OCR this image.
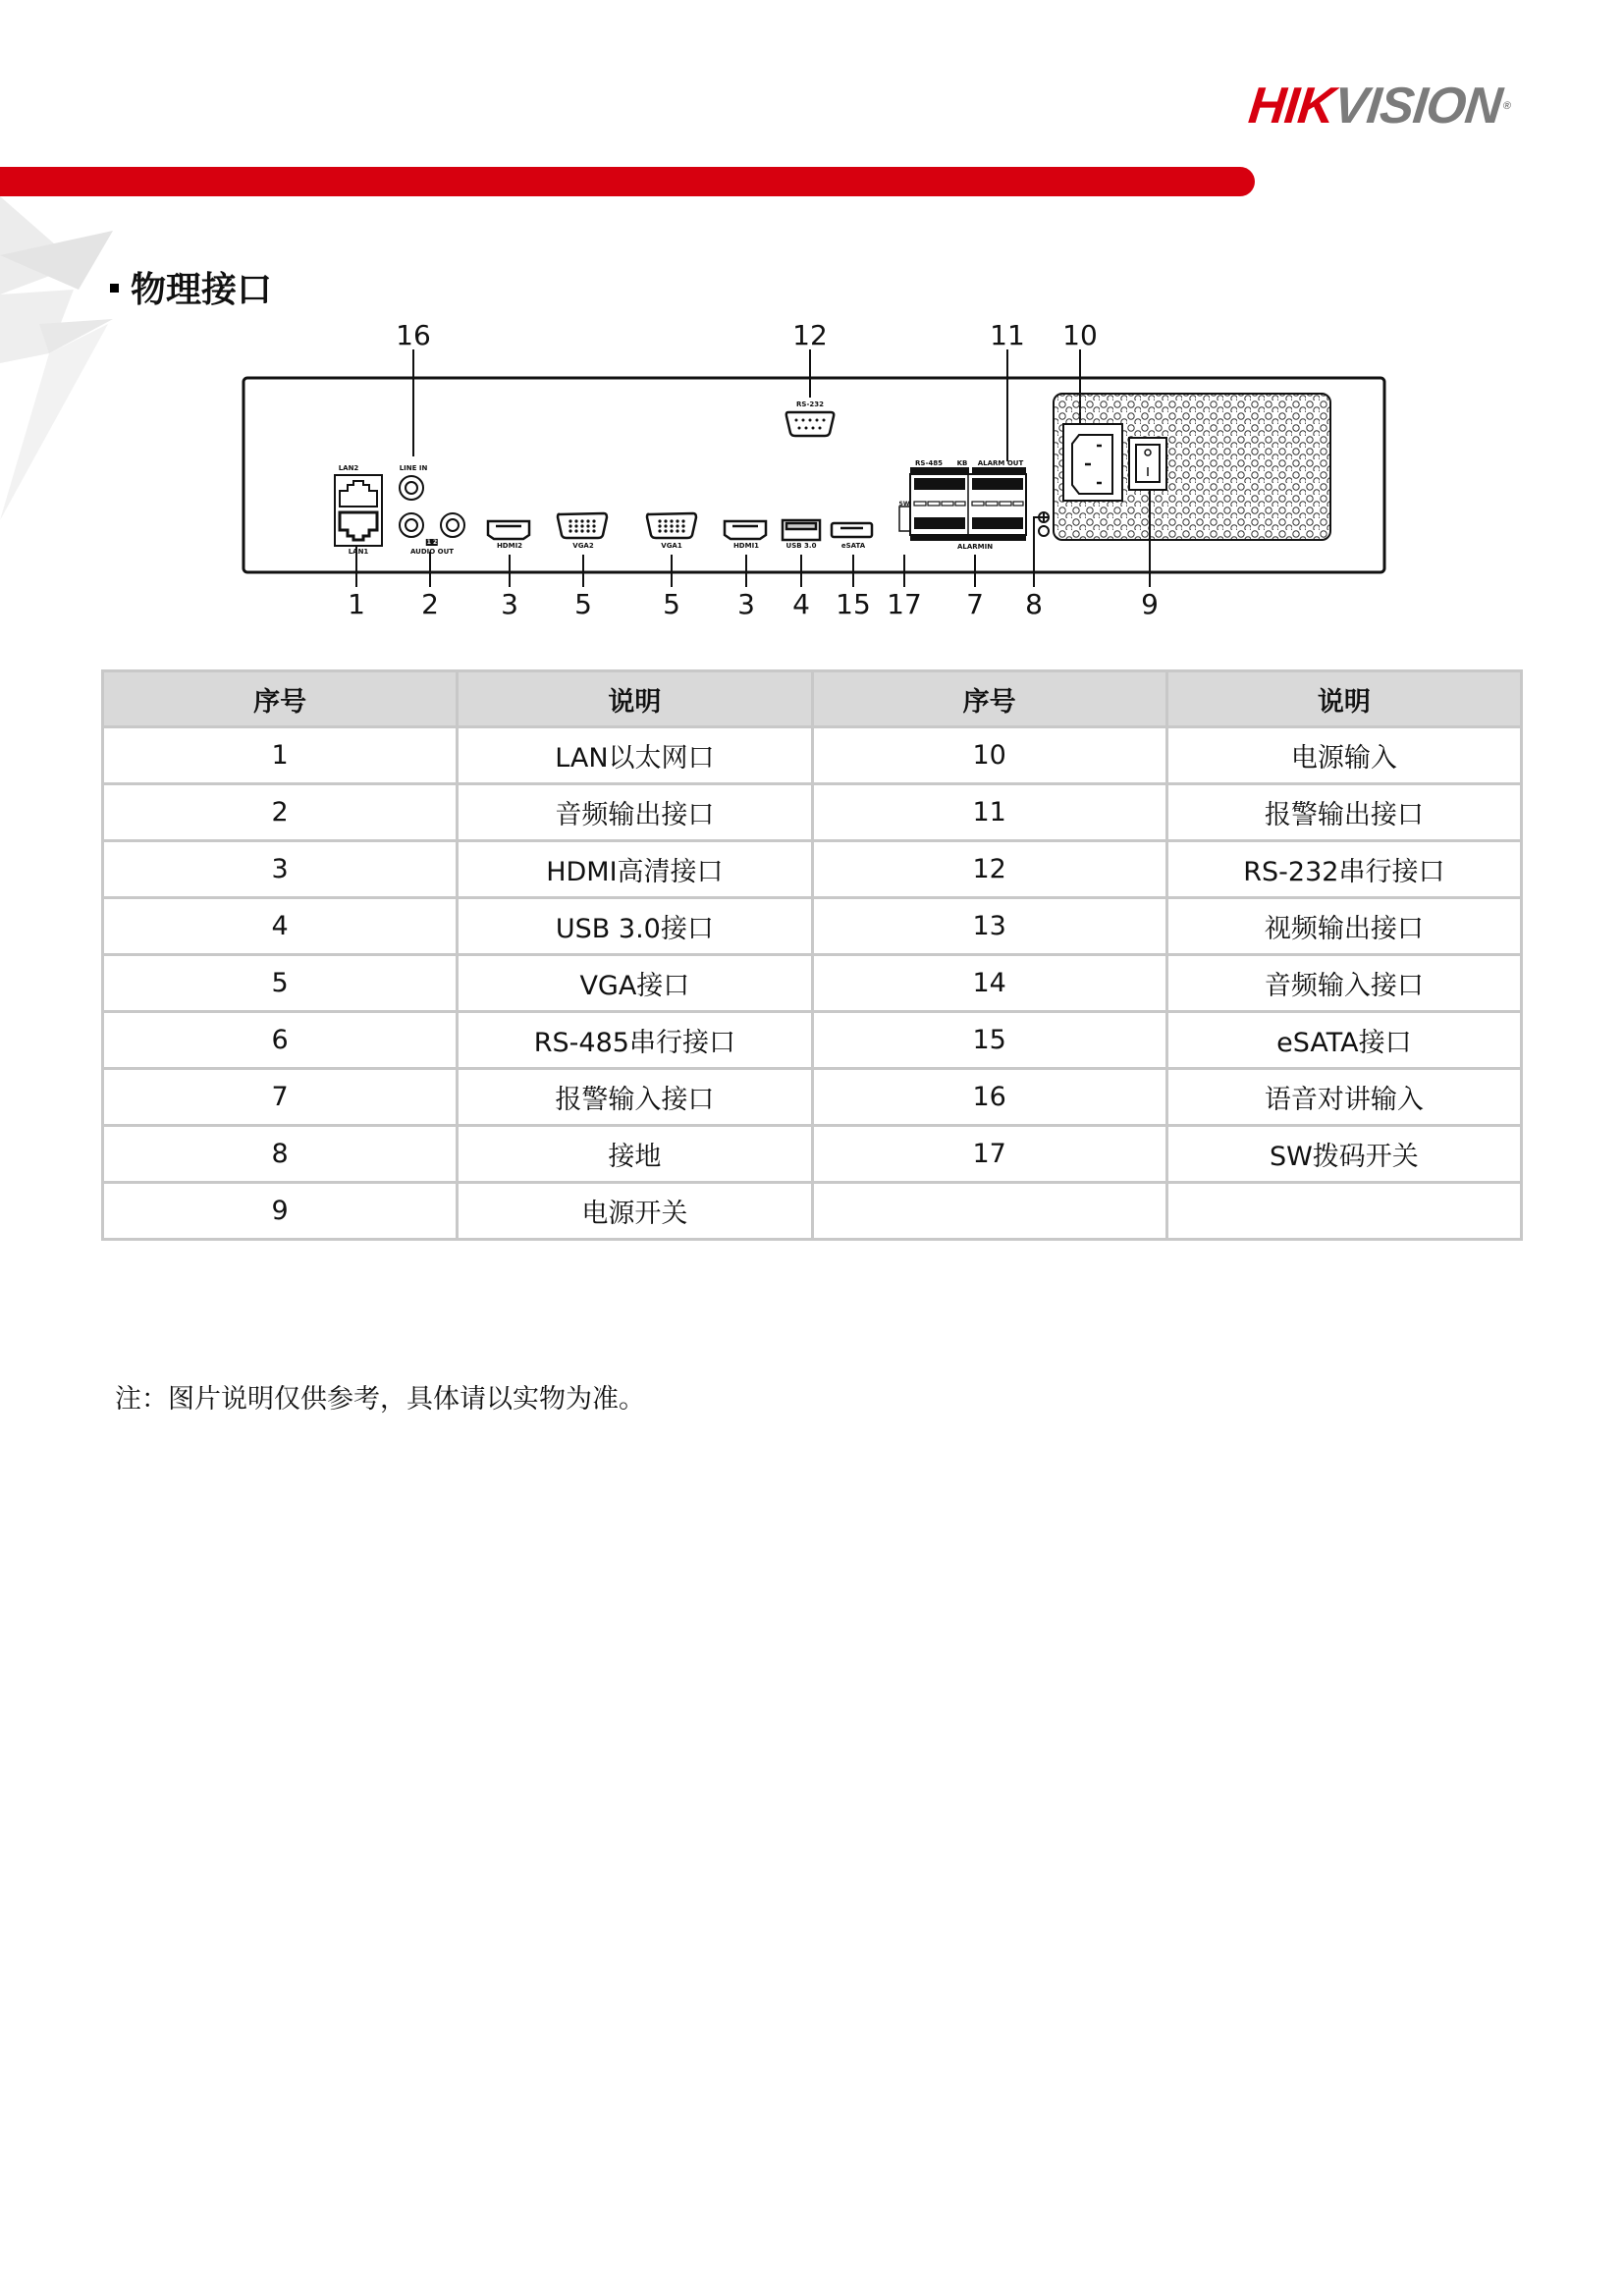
HIKVISION®
物理接口
LAN2
LAN1
LINE IN
AUDIO OUT
1 2	HDMI2	VGA2	VGA1	HDMI1	USB 3.0	eSATA
RS-232
RS-485 KB ALARM OUT
ALARMIN
SW
16	12	11 10
1 2 3 5	5 3 4 15 17 7 8	9
序号	说明	序号	说明
1	LAN以太网口	10	电源输入
2	音频输出接口	11	报警输出接口
3	HDMI高清接口	12	RS-232串行接口
4	USB 3.0接口	13	视频输出接口
5	VGA接口	14	音频输入接口
6	RS-485串行接口	15	eSATA接口
7	报警输入接口	16	语音对讲输入
8	接地	17	SW拨码开关
9	电源开关		
注：图片说明仅供参考，具体请以实物为准。
